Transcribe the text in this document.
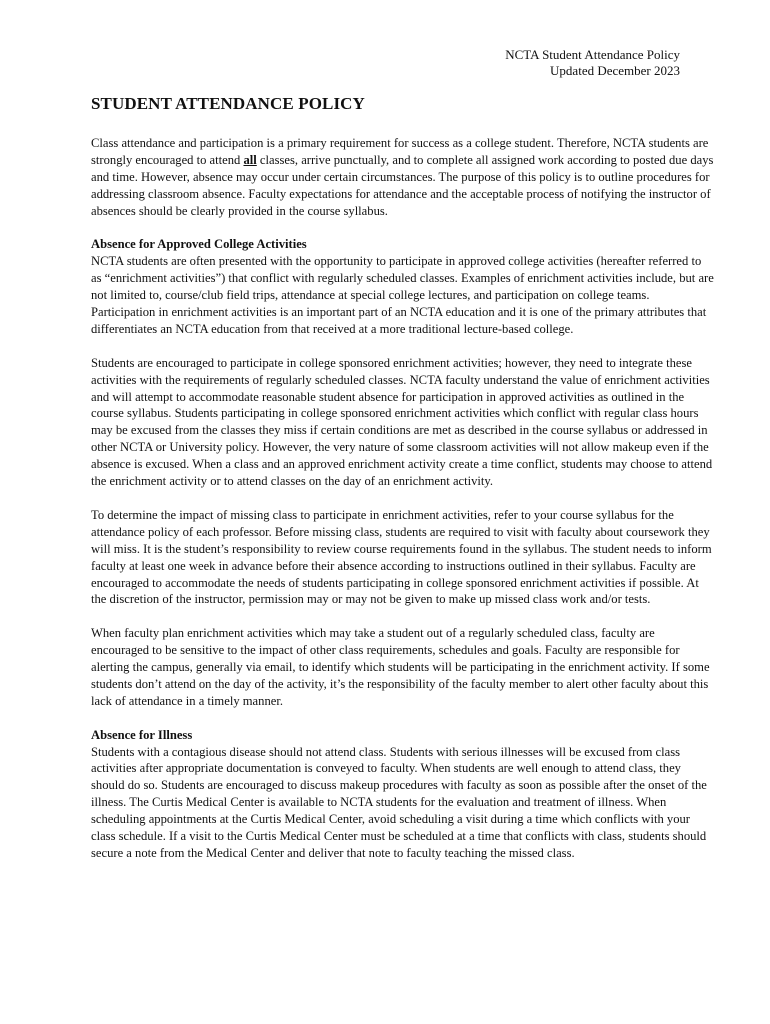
NCTA Student Attendance Policy
Updated December 2023
STUDENT ATTENDANCE POLICY

Class attendance and participation is a primary requirement for success as a college student. Therefore, NCTA students are strongly encouraged to attend all classes, arrive punctually, and to complete all assigned work according to posted due days and time. However, absence may occur under certain circumstances. The purpose of this policy is to outline procedures for addressing classroom absence. Faculty expectations for attendance and the acceptable process of notifying the instructor of absences should be clearly provided in the course syllabus.

Absence for Approved College Activities
NCTA students are often presented with the opportunity to participate in approved college activities (hereafter referred to as “enrichment activities”) that conflict with regularly scheduled classes. Examples of enrichment activities include, but are not limited to, course/club field trips, attendance at special college lectures, and participation on college teams. Participation in enrichment activities is an important part of an NCTA education and it is one of the primary attributes that differentiates an NCTA education from that received at a more traditional lecture-based college.

Students are encouraged to participate in college sponsored enrichment activities; however, they need to integrate these activities with the requirements of regularly scheduled classes. NCTA faculty understand the value of enrichment activities and will attempt to accommodate reasonable student absence for participation in approved activities as outlined in the course syllabus. Students participating in college sponsored enrichment activities which conflict with regular class hours may be excused from the classes they miss if certain conditions are met as described in the course syllabus or addressed in other NCTA or University policy. However, the very nature of some classroom activities will not allow makeup even if the absence is excused. When a class and an approved enrichment activity create a time conflict, students may choose to attend the enrichment activity or to attend classes on the day of an enrichment activity.

To determine the impact of missing class to participate in enrichment activities, refer to your course syllabus for the attendance policy of each professor. Before missing class, students are required to visit with faculty about coursework they will miss. It is the student’s responsibility to review course requirements found in the syllabus. The student needs to inform faculty at least one week in advance before their absence according to instructions outlined in their syllabus. Faculty are encouraged to accommodate the needs of students participating in college sponsored enrichment activities if possible. At the discretion of the instructor, permission may or may not be given to make up missed class work and/or tests.

When faculty plan enrichment activities which may take a student out of a regularly scheduled class, faculty are encouraged to be sensitive to the impact of other class requirements, schedules and goals. Faculty are responsible for alerting the campus, generally via email, to identify which students will be participating in the enrichment activity. If some students don’t attend on the day of the activity, it’s the responsibility of the faculty member to alert other faculty about this lack of attendance in a timely manner.

Absence for Illness
Students with a contagious disease should not attend class. Students with serious illnesses will be excused from class activities after appropriate documentation is conveyed to faculty. When students are well enough to attend class, they should do so. Students are encouraged to discuss makeup procedures with faculty as soon as possible after the onset of the illness. The Curtis Medical Center is available to NCTA students for the evaluation and treatment of illness. When scheduling appointments at the Curtis Medical Center, avoid scheduling a visit during a time which conflicts with your class schedule. If a visit to the Curtis Medical Center must be scheduled at a time that conflicts with class, students should secure a note from the Medical Center and deliver that note to faculty teaching the missed class.
